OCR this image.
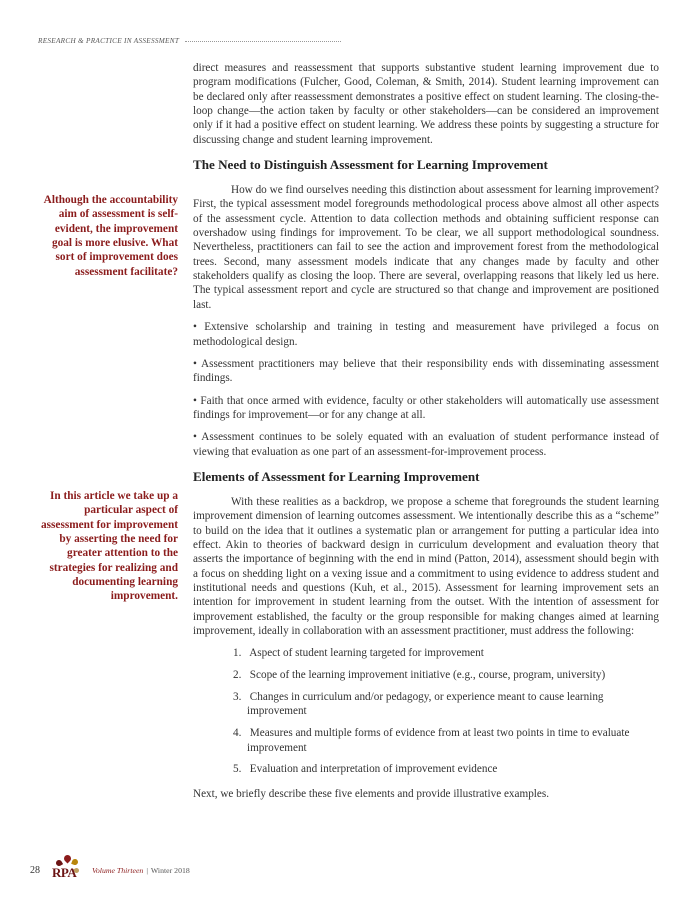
RESEARCH & PRACTICE IN ASSESSMENT
Although the accountability aim of assessment is self-evident, the improvement goal is more elusive. What sort of improvement does assessment facilitate?
In this article we take up a particular aspect of assessment for improvement by asserting the need for greater attention to the strategies for realizing and documenting learning improvement.

direct measures and reassessment that supports substantive student learning improvement due to program modifications (Fulcher, Good, Coleman, & Smith, 2014). Student learning improvement can be declared only after reassessment demonstrates a positive effect on student learning. The closing-the-loop change—the action taken by faculty or other stakeholders—can be considered an improvement only if it had a positive effect on student learning. We address these points by suggesting a structure for discussing change and student learning improvement.

The Need to Distinguish Assessment for Learning Improvement

How do we find ourselves needing this distinction about assessment for learning improvement? First, the typical assessment model foregrounds methodological process above almost all other aspects of the assessment cycle. Attention to data collection methods and obtaining sufficient response can overshadow using findings for improvement. To be clear, we all support methodological soundness. Nevertheless, practitioners can fail to see the action and improvement forest from the methodological trees. Second, many assessment models indicate that any changes made by faculty and other stakeholders qualify as closing the loop. There are several, overlapping reasons that likely led us here. The typical assessment report and cycle are structured so that change and improvement are positioned last.

• Extensive scholarship and training in testing and measurement have privileged a focus on methodological design.

• Assessment practitioners may believe that their responsibility ends with disseminating assessment findings.

• Faith that once armed with evidence, faculty or other stakeholders will automatically use assessment findings for improvement—or for any change at all.

• Assessment continues to be solely equated with an evaluation of student performance instead of viewing that evaluation as one part of an assessment-for-improvement process.

Elements of Assessment for Learning Improvement

With these realities as a backdrop, we propose a scheme that foregrounds the student learning improvement dimension of learning outcomes assessment. We intentionally describe this as a “scheme” to build on the idea that it outlines a systematic plan or arrangement for putting a particular idea into effect. Akin to theories of backward design in curriculum development and evaluation theory that asserts the importance of beginning with the end in mind (Patton, 2014), assessment should begin with a focus on shedding light on a vexing issue and a commitment to using evidence to address student and institutional needs and questions (Kuh, et al., 2015). Assessment for learning improvement sets an intention for improvement in student learning from the outset. With the intention of assessment for improvement established, the faculty or the group responsible for making changes aimed at learning improvement, ideally in collaboration with an assessment practitioner, must address the following:

1. Aspect of student learning targeted for improvement
2. Scope of the learning improvement initiative (e.g., course, program, university)
3. Changes in curriculum and/or pedagogy, or experience meant to cause learning improvement
4. Measures and multiple forms of evidence from at least two points in time to evaluate improvement
5. Evaluation and interpretation of improvement evidence

Next, we briefly describe these five elements and provide illustrative examples.

28 RPA Volume Thirteen | Winter 2018
